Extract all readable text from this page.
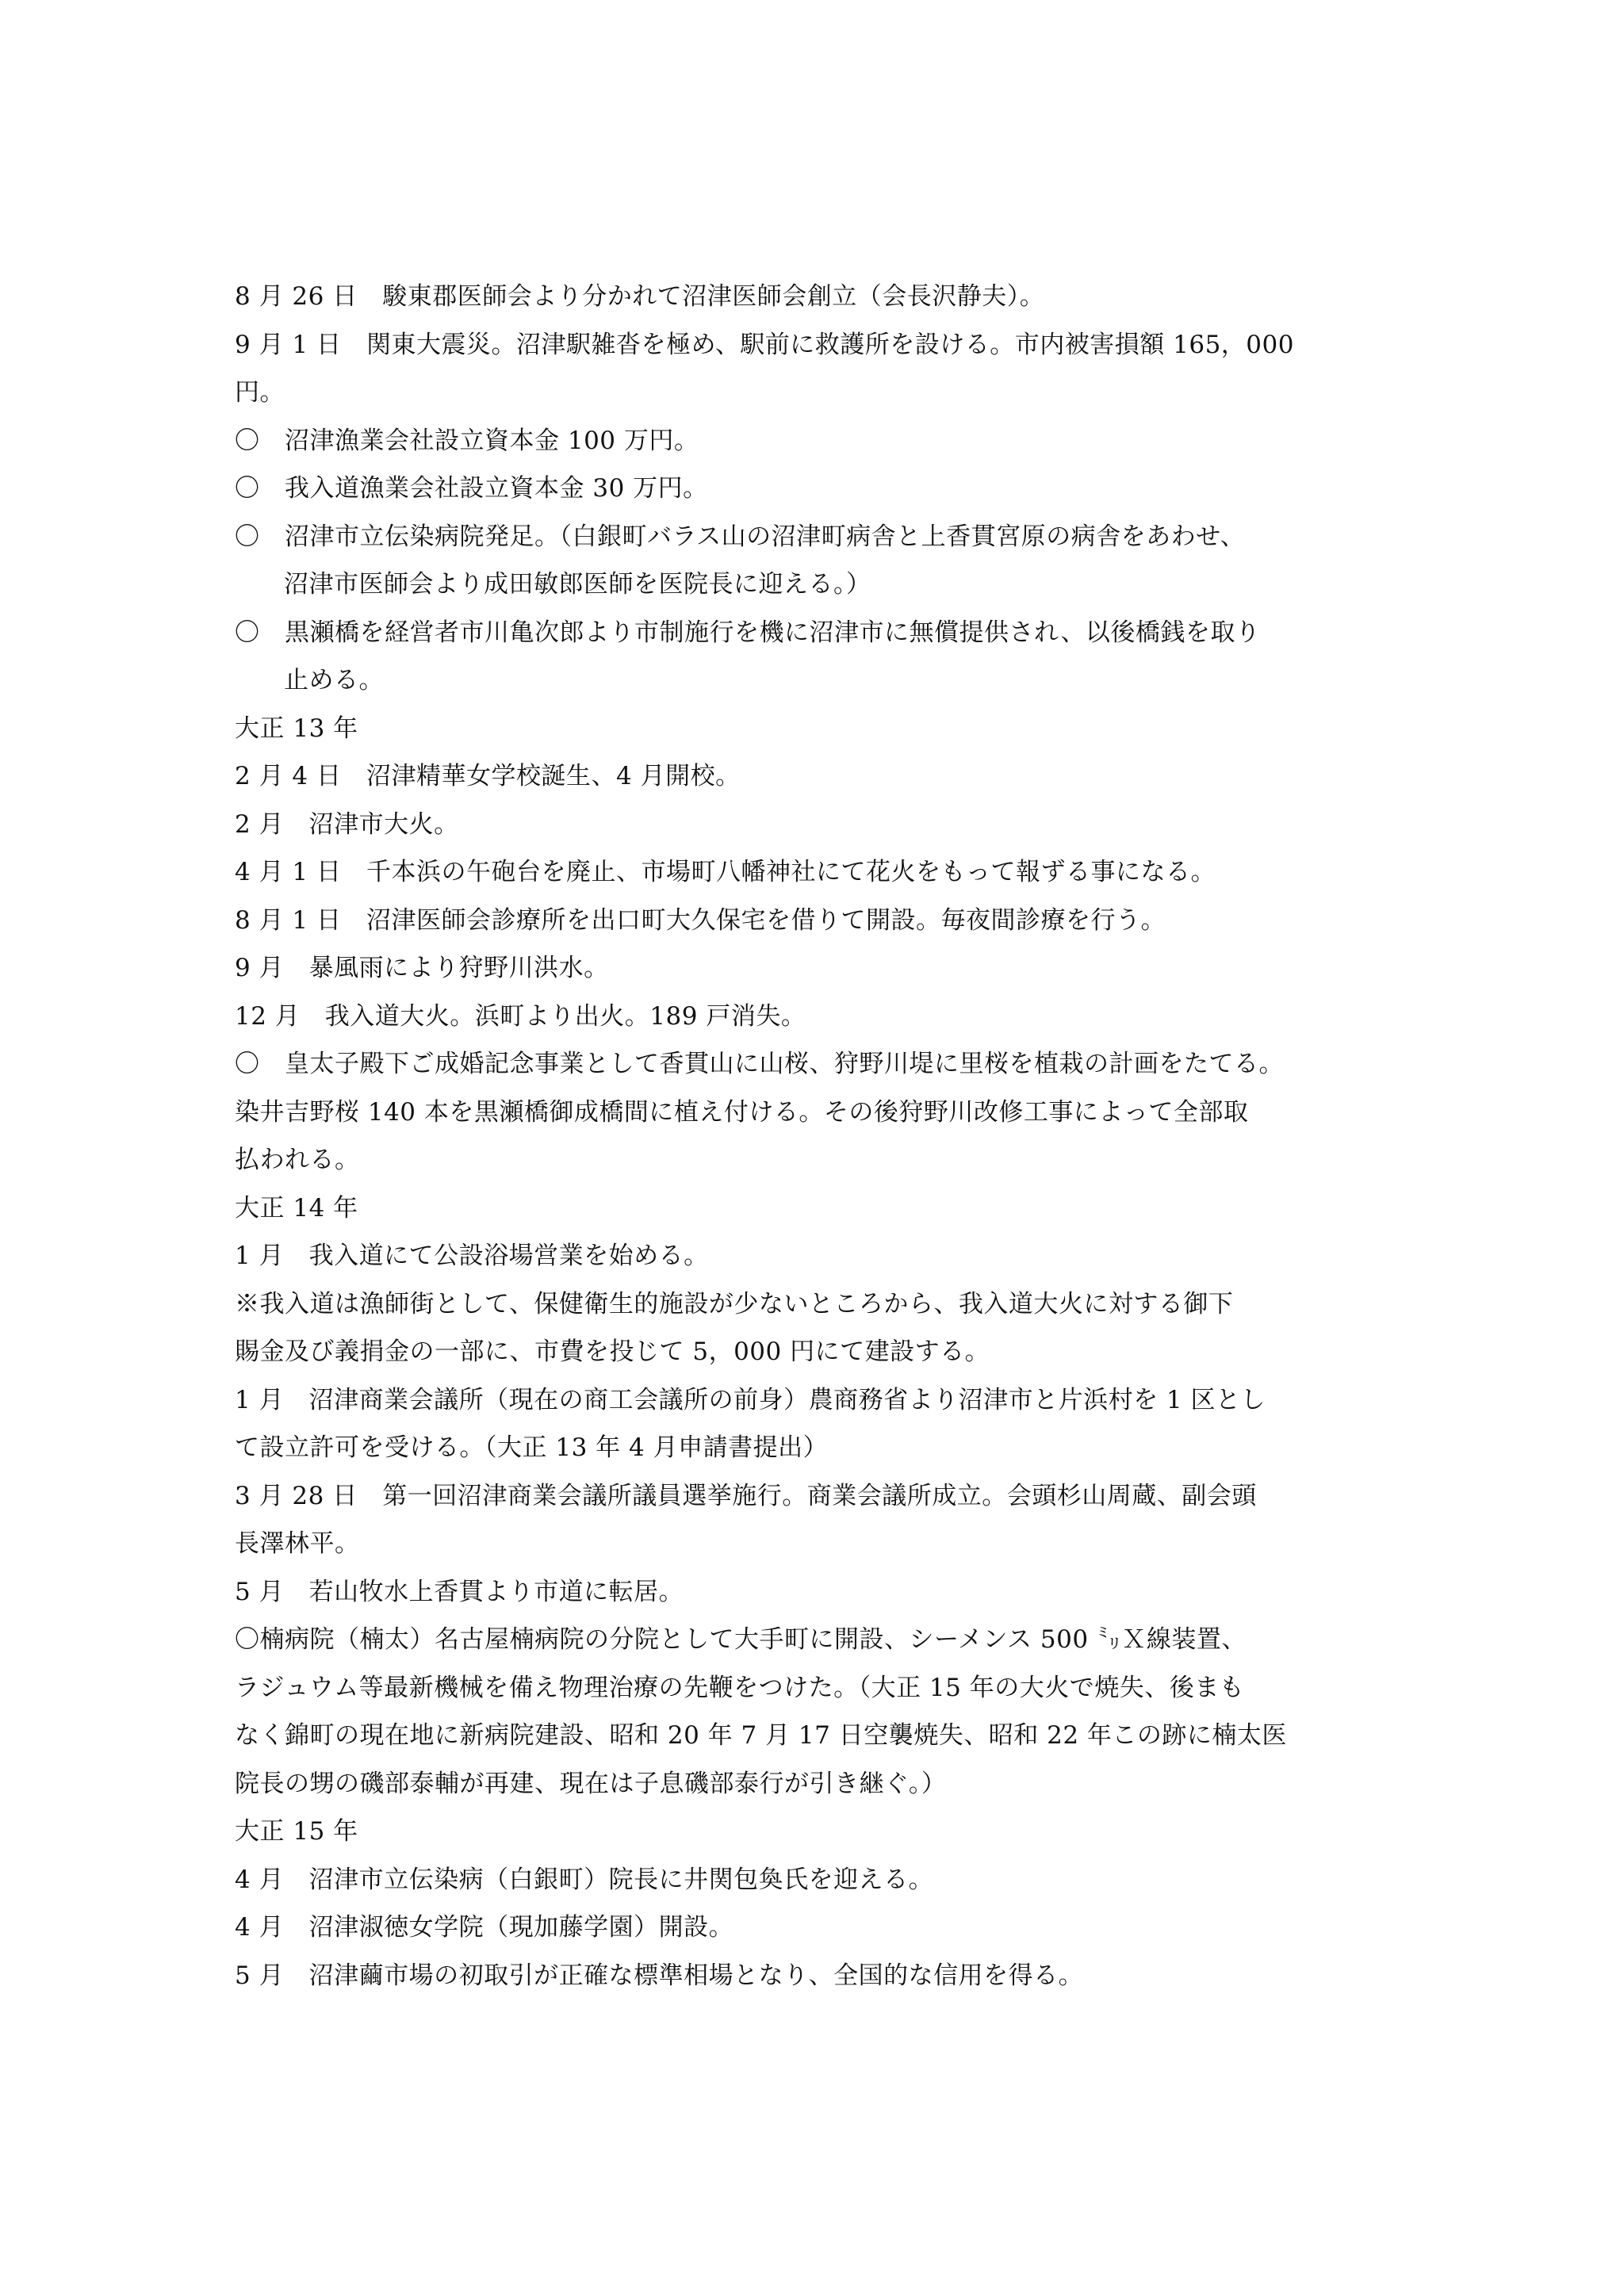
8 月 26 日　駿東郡医師会より分かれて沼津医師会創立（会長沢静夫）。
9 月 1 日　関東大震災。沼津駅雑沓を極め、駅前に救護所を設ける。市内被害損額 165，000
円。
〇　沼津漁業会社設立資本金 100 万円。
〇　我入道漁業会社設立資本金 30 万円。
〇　沼津市立伝染病院発足。（白銀町バラス山の沼津町病舎と上香貫宮原の病舎をあわせ、
沼津市医師会より成田敏郎医師を医院長に迎える。）
〇　黒瀬橋を経営者市川亀次郎より市制施行を機に沼津市に無償提供され、以後橋銭を取り
止める。
大正 13 年
2 月 4 日　沼津精華女学校誕生、4 月開校。
2 月　沼津市大火。
4 月 1 日　千本浜の午砲台を廃止、市場町八幡神社にて花火をもって報ずる事になる。
8 月 1 日　沼津医師会診療所を出口町大久保宅を借りて開設。毎夜間診療を行う。
9 月　暴風雨により狩野川洪水。
12 月　我入道大火。浜町より出火。189 戸消失。
〇　皇太子殿下ご成婚記念事業として香貫山に山桜、狩野川堤に里桜を植栽の計画をたてる。
染井吉野桜 140 本を黒瀬橋御成橋間に植え付ける。その後狩野川改修工事によって全部取
払われる。
大正 14 年
1 月　我入道にて公設浴場営業を始める。
※我入道は漁師街として、保健衛生的施設が少ないところから、我入道大火に対する御下
賜金及び義捐金の一部に、市費を投じて 5，000 円にて建設する。
1 月　沼津商業会議所（現在の商工会議所の前身）農商務省より沼津市と片浜村を 1 区とし
て設立許可を受ける。（大正 13 年 4 月申請書提出）
3 月 28 日　第一回沼津商業会議所議員選挙施行。商業会議所成立。会頭杉山周蔵、副会頭
長澤林平。
5 月　若山牧水上香貫より市道に転居。
〇楠病院（楠太）名古屋楠病院の分院として大手町に開設、シーメンス 500 ㍉Ｘ線装置、
ラジュウム等最新機械を備え物理治療の先鞭をつけた。（大正 15 年の大火で焼失、後まも
なく錦町の現在地に新病院建設、昭和 20 年 7 月 17 日空襲焼失、昭和 22 年この跡に楠太医
院長の甥の磯部泰輔が再建、現在は子息磯部泰行が引き継ぐ。）
大正 15 年
4 月　沼津市立伝染病（白銀町）院長に井関包奐氏を迎える。
4 月　沼津淑徳女学院（現加藤学園）開設。
5 月　沼津繭市場の初取引が正確な標準相場となり、全国的な信用を得る。
